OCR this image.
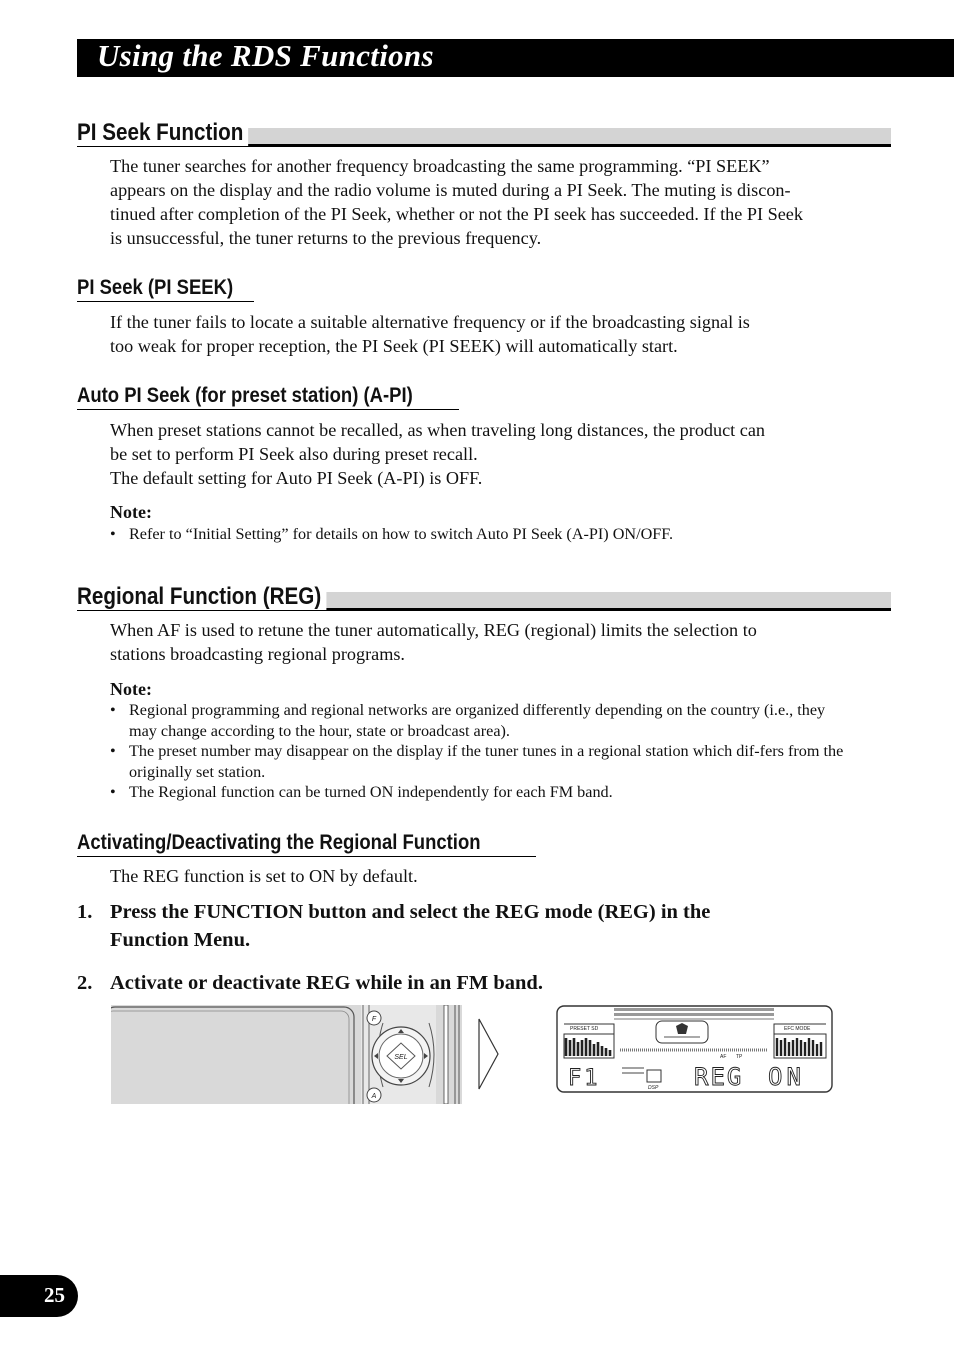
Using the RDS Functions
PI Seek Function
The tuner searches for another frequency broadcasting the same programming. “PI SEEK”
appears on the display and the radio volume is muted during a PI Seek. The muting is discon-
tinued after completion of the PI Seek, whether or not the PI seek has succeeded. If the PI Seek
is unsuccessful, the tuner returns to the previous frequency.
PI Seek (PI SEEK)
If the tuner fails to locate a suitable alternative frequency or if the broadcasting signal is
too weak for proper reception, the PI Seek (PI SEEK) will automatically start.
Auto PI Seek (for preset station) (A-PI)
When preset stations cannot be recalled, as when traveling long distances, the product can
be set to perform PI Seek also during preset recall.
The default setting for Auto PI Seek (A-PI) is OFF.
Note:
• Refer to “Initial Setting” for details on how to switch Auto PI Seek (A-PI) ON/OFF.
Regional Function (REG)
When AF is used to retune the tuner automatically, REG (regional) limits the selection to
stations broadcasting regional programs.
Note:
• Regional programming and regional networks are organized differently depending on the country (i.e., they may change according to the hour, state or broadcast area).
• The preset number may disappear on the display if the tuner tunes in a regional station which dif-fers from the originally set station.
• The Regional function can be turned ON independently for each FM band.
Activating/Deactivating the Regional Function
The REG function is set to ON by default.
1. Press the FUNCTION button and select the REG mode (REG) in the
Function Menu.
2. Activate or deactivate REG while in an FM band.
F
SEL
A
PRESET SD	EFC MODE
AF TP
F1	DSP REG ON
25
